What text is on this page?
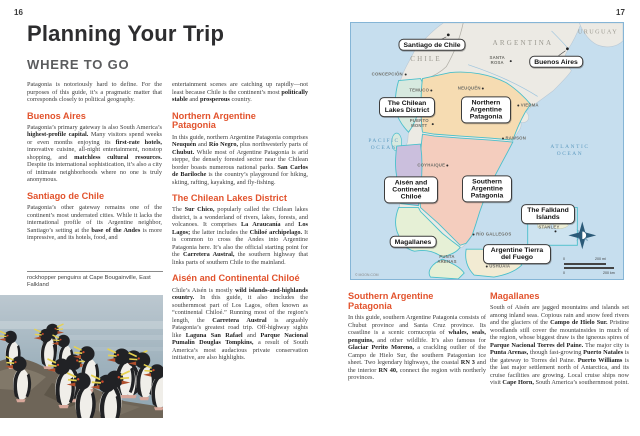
16
Planning Your Trip
WHERE TO GO

Patagonia is notoriously hard to define. For the purposes of this guide, it’s a pragmatic matter that corresponds closely to political geography.

Buenos Aires

Patagonia’s primary gateway is also South America’s highest-profile capital. Many visitors spend weeks or even months enjoying its first-rate hotels, innovative cuisine, all-night entertainment, nonstop shopping, and matchless cultural resources. Despite its international sophistication, it’s also a city of intimate neighborhoods where no one is truly anonymous.

Santiago de Chile

Patagonia’s other gateway remains one of the continent’s most underrated cities. While it lacks the international profile of its Argentine neighbor, Santiago’s setting at the base of the Andes is more impressive, and its hotels, food, and

entertainment scenes are catching up rapidly—not least because Chile is the continent’s most politically stable and prosperous country.

Northern Argentine Patagonia

In this guide, northern Argentine Patagonia comprises Neuquén and Río Negro, plus northwesterly parts of Chubut. While most of Argentine Patagonia is arid steppe, the densely forested sector near the Chilean border boasts numerous national parks. San Carlos de Bariloche is the country’s playground for hiking, skiing, rafting, kayaking, and fly-fishing.

The Chilean Lakes District

The Sur Chico, popularly called the Chilean lakes district, is a wonderland of rivers, lakes, forests, and volcanoes. It comprises La Araucanía and Los Lagos; the latter includes the Chiloé archipelago. It is common to cross the Andes into Argentine Patagonia here. It’s also the official starting point for the Carretera Austral, the southern highway that links parts of southern Chile to the mainland.

Aisén and Continental Chiloé

Chile’s Aisén is mostly wild islands-and-highlands country. In this guide, it also includes the southernmost part of Los Lagos, often known as “continental Chiloé.” Running most of the region’s length, the Carretera Austral is arguably Patagonia’s greatest road trip. Off-highway sights like Laguna San Rafael and Parque Nacional Pumalín Douglas Tompkins, a result of South America’s most audacious private conservation initiative, are also highlights.

rockhopper penguins at Cape Bougainville, East Falkland
17
CHILE
ARGENTINA
URUGUAY
PACIFIC OCEAN	ATLANTIC OCEAN
CONCEPCIÓN
TEMUCO	NEUQUÉN
SANTA ROSA
VIEDMA
PUERTO MONTT
RAWSON
COYHAIQUE
RÍO GALLEGOS
STANLEY
PUNTA ARENAS
USHUAIA
Santiago de Chile
Buenos Aires
The Chilean Lakes District
Northern Argentine Patagonia
Aisén and Continental Chiloé
Southern Argentine Patagonia
Magallanes
The Falkland Islands
Argentine Tierra del Fuego	0	200 mi
0	200 km
© MOON.COM
Southern Argentine Patagonia

In this guide, southern Argentine Patagonia consists of Chubut province and Santa Cruz province. Its coastline is a scenic cornucopia of whales, seals, penguins, and other wildlife. It’s also famous for Glaciar Perito Moreno, a crackling outlier of the Campo de Hielo Sur, the southern Patagonian ice sheet. Two legendary highways, the coastal RN 3 and the interior RN 40, connect the region with northerly provinces.

Magallanes

South of Aisén are jagged mountains and islands set among inland seas. Copious rain and snow feed rivers and the glaciers of the Campo de Hielo Sur. Pristine woodlands still cover the mountainsides in much of the region, whose biggest draw is the igneous spires of Parque Nacional Torres del Paine. The major city is Punta Arenas, though fast-growing Puerto Natales is the gateway to Torres del Paine. Puerto Williams is the last major settlement north of Antarctica, and its cruise facilities are growing. Local cruise ships now visit Cape Horn, South America’s southernmost point.
